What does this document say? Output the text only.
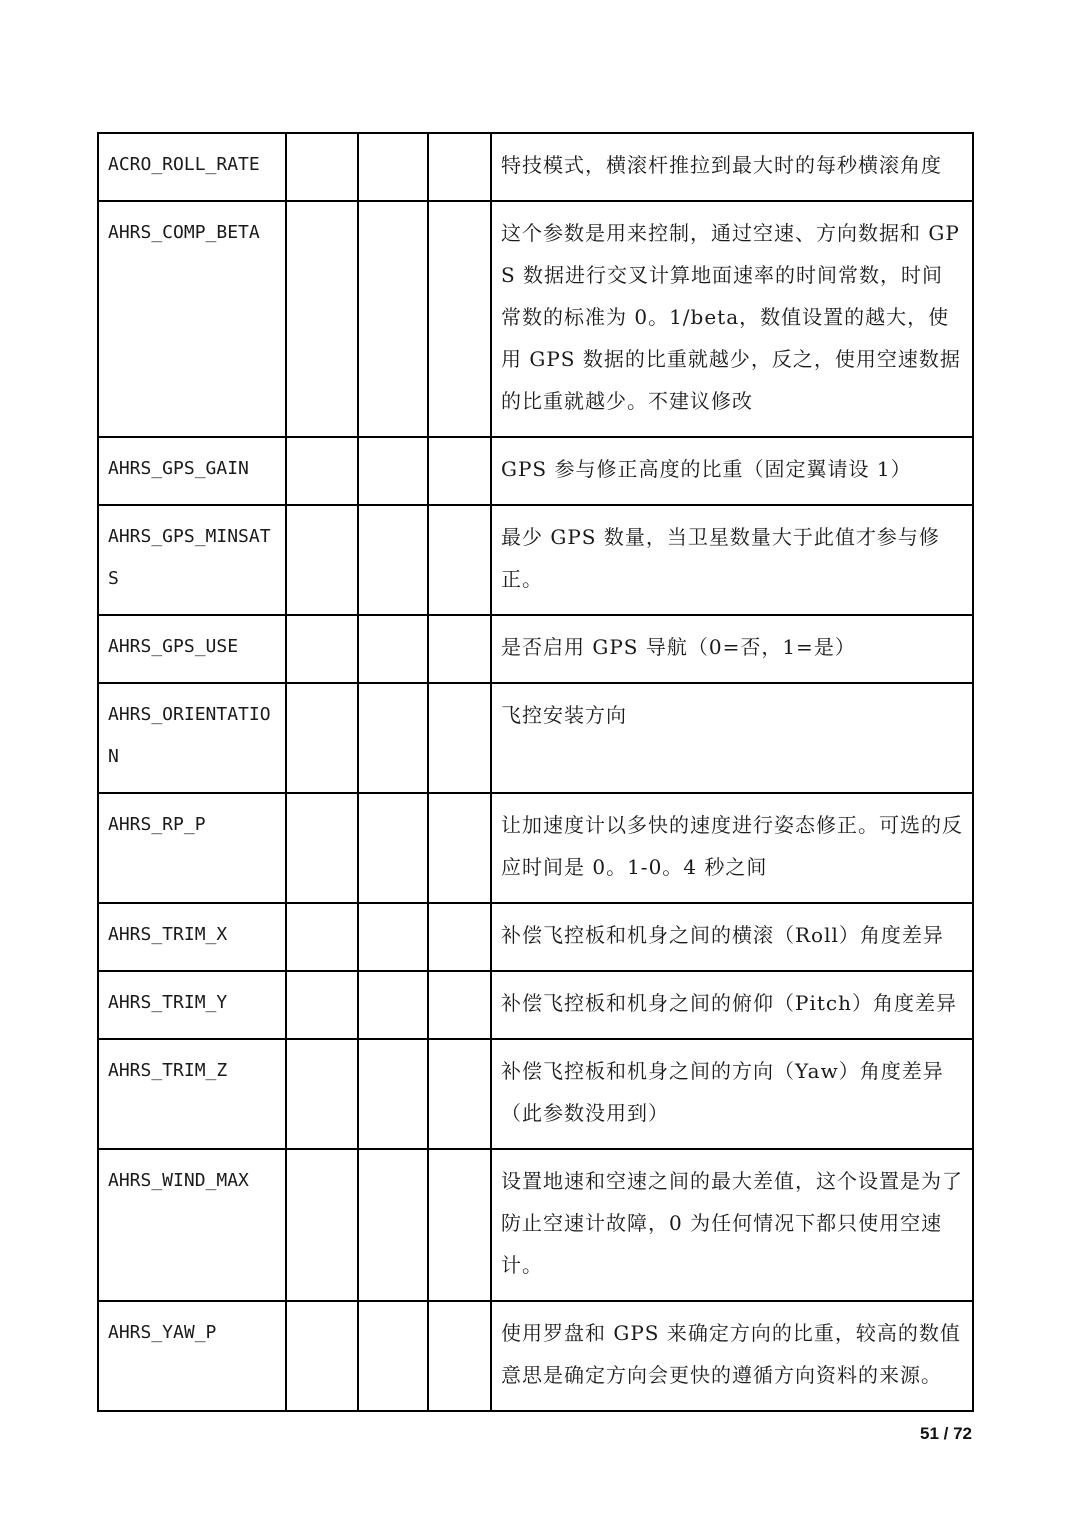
ACRO_ROLL_RATE				特技模式，横滚杆推拉到最大时的每秒横滚角度
AHRS_COMP_BETA				这个参数是用来控制，通过空速、方向数据和 GPS 数据进行交叉计算地面速率的时间常数，时间常数的标准为 0。1/beta，数值设置的越大，使用 GPS 数据的比重就越少，反之，使用空速数据的比重就越少。不建议修改
AHRS_GPS_GAIN				GPS 参与修正高度的比重（固定翼请设 1）
AHRS_GPS_MINSATS				最少 GPS 数量，当卫星数量大于此值才参与修正。
AHRS_GPS_USE				是否启用 GPS 导航（0=否，1=是）
AHRS_ORIENTATION				飞控安装方向
AHRS_RP_P				让加速度计以多快的速度进行姿态修正。可选的反应时间是 0。1-0。4 秒之间
AHRS_TRIM_X				补偿飞控板和机身之间的横滚（Roll）角度差异
AHRS_TRIM_Y				补偿飞控板和机身之间的俯仰（Pitch）角度差异
AHRS_TRIM_Z				补偿飞控板和机身之间的方向（Yaw）角度差异（此参数没用到）
AHRS_WIND_MAX				设置地速和空速之间的最大差值，这个设置是为了防止空速计故障，0 为任何情况下都只使用空速计。
AHRS_YAW_P				使用罗盘和 GPS 来确定方向的比重，较高的数值意思是确定方向会更快的遵循方向资料的来源。
51 / 72
